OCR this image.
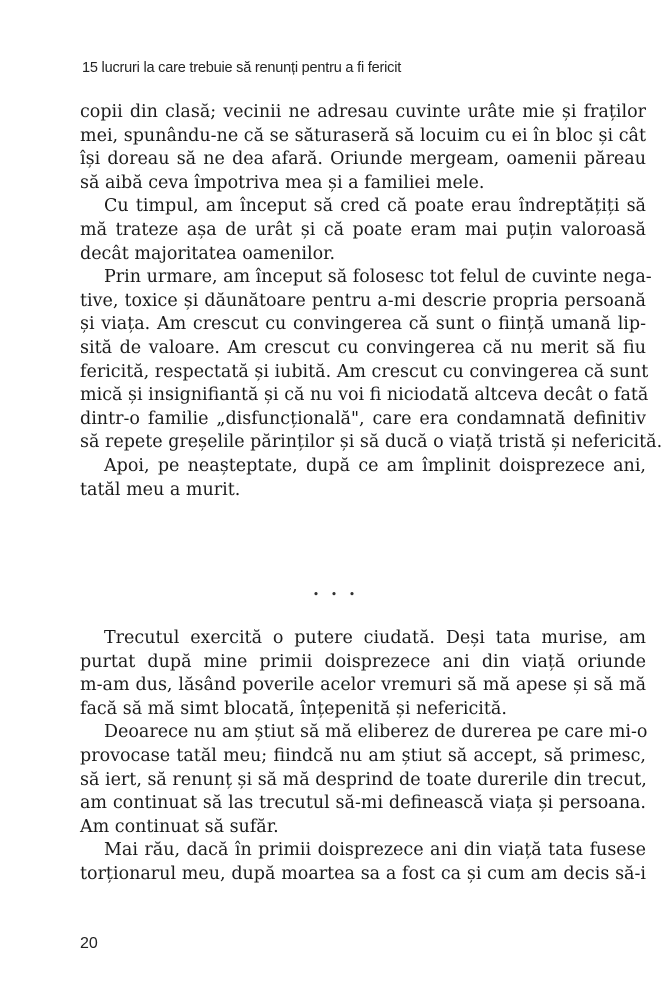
15 lucruri la care trebuie să renunți pentru a fi fericit
copii din clasă; vecinii ne adresau cuvinte urâte mie și fraților
mei, spunându-ne că se săturaseră să locuim cu ei în bloc și cât
își doreau să ne dea afară. Oriunde mergeam, oamenii păreau
să aibă ceva împotriva mea și a familiei mele.
Cu timpul, am început să cred că poate erau îndreptățiți să
mă trateze așa de urât și că poate eram mai puțin valoroasă
decât majoritatea oamenilor.
Prin urmare, am început să folosesc tot felul de cuvinte nega-
tive, toxice și dăunătoare pentru a-mi descrie propria persoană
și viața. Am crescut cu convingerea că sunt o ființă umană lip-
sită de valoare. Am crescut cu convingerea că nu merit să fiu
fericită, respectată și iubită. Am crescut cu convingerea că sunt
mică și insignifiantă și că nu voi fi niciodată altceva decât o fată
dintr-o familie „disfuncțională", care era condamnată definitiv
să repete greșelile părinților și să ducă o viață tristă și nefericită.
Apoi, pe neașteptate, după ce am împlinit doisprezece ani,
tatăl meu a murit.
• • •
Trecutul exercită o putere ciudată. Deși tata murise, am
purtat după mine primii doisprezece ani din viață oriunde
m-am dus, lăsând poverile acelor vremuri să mă apese și să mă
facă să mă simt blocată, înțepenită și nefericită.
Deoarece nu am știut să mă eliberez de durerea pe care mi-o
provocase tatăl meu; fiindcă nu am știut să accept, să primesc,
să iert, să renunț și să mă desprind de toate durerile din trecut,
am continuat să las trecutul să-mi definească viața și persoana.
Am continuat să sufăr.
Mai rău, dacă în primii doisprezece ani din viață tata fusese
torționarul meu, după moartea sa a fost ca și cum am decis să-i
20
